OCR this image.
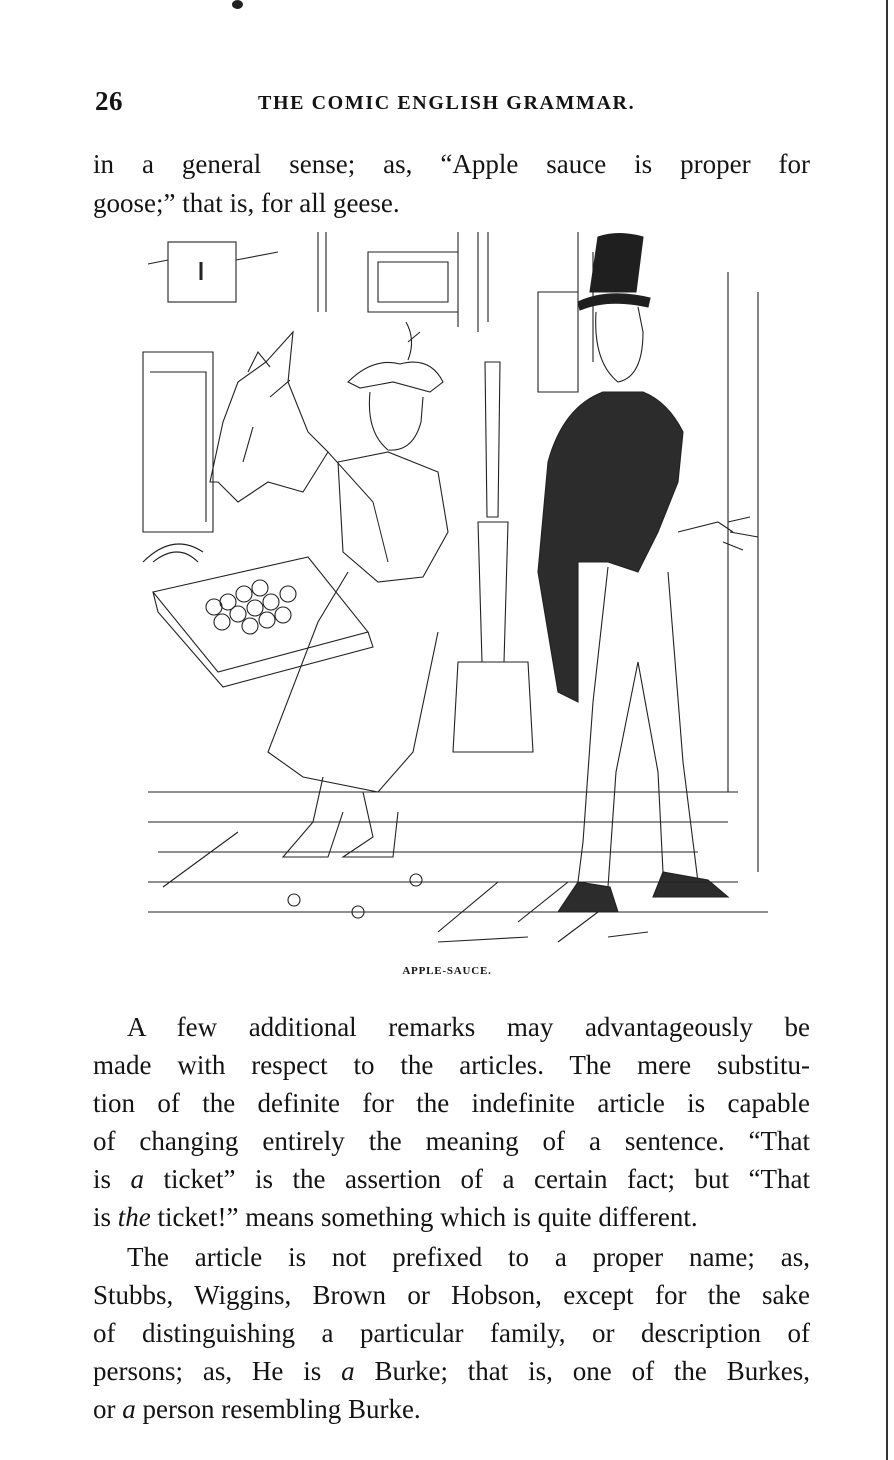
26	THE COMIC ENGLISH GRAMMAR.
in a general sense; as, “Apple sauce is proper for
goose;” that is, for all geese.
APPLE-SAUCE.
A few additional remarks may advantageously be
made with respect to the articles. The mere substitu-
tion of the definite for the indefinite article is capable
of changing entirely the meaning of a sentence. “That
is a ticket” is the assertion of a certain fact; but “That
is the ticket!” means something which is quite different.
The article is not prefixed to a proper name; as,
Stubbs, Wiggins, Brown or Hobson, except for the sake
of distinguishing a particular family, or description of
persons; as, He is a Burke; that is, one of the Burkes,
or a person resembling Burke.
